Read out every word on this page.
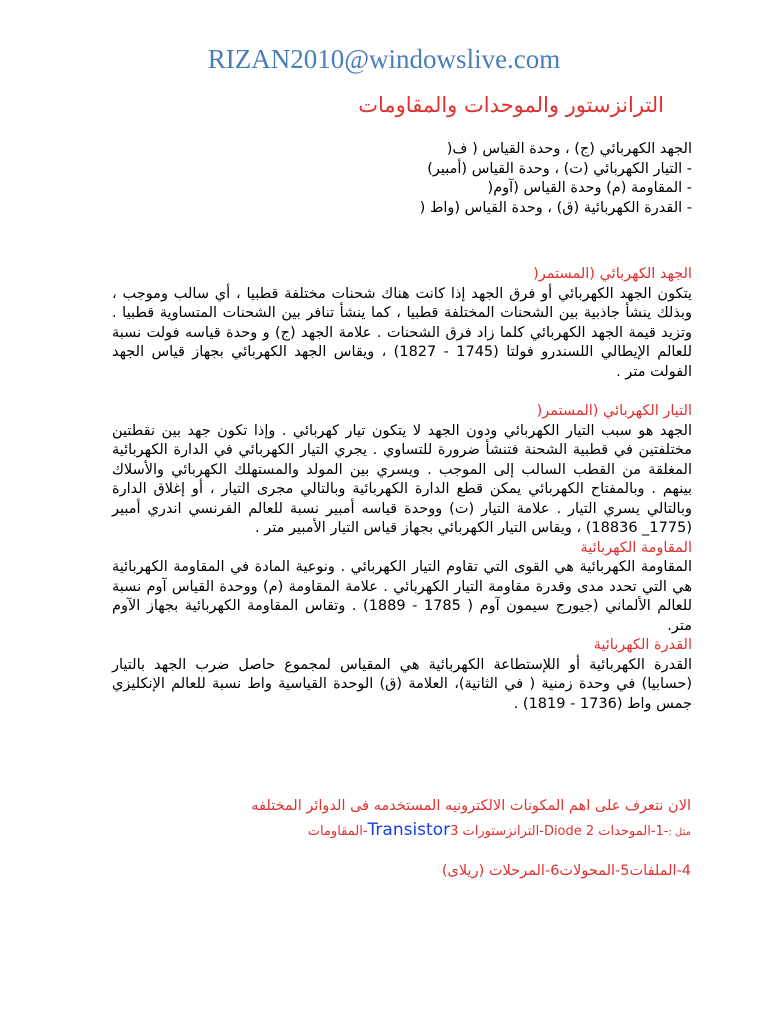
RIZAN2010@windowslive.com
الترانزستور والموحدات والمقاومات

الجهد الكهربائي (ج) ، وحدة القياس ( ف(

- التيار الكهربائي (ت) ، وحدة القياس (أمبير)

- المقاومة (م) وحدة القياس (آوم(

- القدرة الكهربائية (ق) ، وحدة القياس (واط (

الجهد الكهربائي (المستمر(

يتكون الجهد الكهربائي أو فرق الجهد إذا كانت هناك شحنات مختلفة قطبيا ، أي سالب وموجب ، وبذلك ينشأ جاذبية بين الشحنات المختلفة قطبيا ، كما ينشأ تنافر بين الشحنات المتساوية قطبيا . وتزيد قيمة الجهد الكهربائي كلما زاد فرق الشحنات . علامة الجهد (ج) و وحدة قياسه فولت نسبة للعالم الإيطالي اللسندرو فولتا (1745 - 1827) ، ويقاس الجهد الكهربائي بجهاز قياس الجهد الفولت متر .

التيار الكهربائي (المستمر(

الجهد هو سبب التيار الكهربائي ودون الجهد لا يتكون تيار كهربائي . وإذا تكون جهد بين نقطتين مختلفتين في قطبية الشحنة فتنشأ ضرورة للتساوي . يجري التيار الكهربائي في الدارة الكهربائية المغلقة من القطب السالب إلى الموجب . ويسري بين المولد والمستهلك الكهربائي والأسلاك بينهم . وبالمفتاح الكهربائي يمكن قطع الدارة الكهربائية وبالتالي مجرى التيار ، أو إغلاق الدارة وبالتالي يسري التيار . علامة التيار (ت) ووحدة قياسه أمبير نسبة للعالم الفرنسي اندري أمبير (1775_ 18836) ، ويقاس التيار الكهربائي بجهاز قياس التيار الأمبير متر .

المقاومة الكهربائية

المقاومة الكهربائية هي القوى التي تقاوم التيار الكهربائي . ونوعية المادة في المقاومة الكهربائية هي التي تحدد مدى وقدرة مقاومة التيار الكهربائي . علامة المقاومة (م) ووحدة القياس آوم نسبة للعالم الألماني (جيورج سيمون آوم ( 1785 - 1889) . وتقاس المقاومة الكهربائية بجهاز الآوم متر.

القدرة الكهربائية

القدرة الكهربائية أو اللإستطاعة الكهربائية هي المقياس لمجموع حاصل ضرب الجهد بالتيار (حسابيا) في وحدة زمنية ( في الثانية)، العلامة (ق) الوحدة القياسية واط نسبة للعالم الإنكليزي جمس واط (1736 - 1819) .

الان نتعرف على اهم المكونات الالكترونيه المستخدمه فى الدوائر المختلفه
مثل :-1-الموحدات Diode 2-الترانزستورات Transistor3-المقاومات
4-الملفات5-المحولات6-المرحلات (ريلاى)
